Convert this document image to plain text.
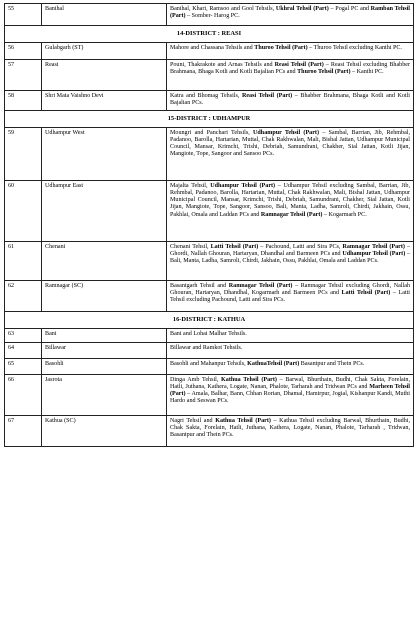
55	Banihal	Banihal, Khari, Ramsoo and Gool Tehsils, Ukhral Tehsil (Part) – Pogal PC and Ramban Tehsil (Part) – Somber- Harog PC.
14-DISTRICT : REASI		
56	Gulabgarh (ST)	Mahore and Chassana Tehsils and Thuroo Tehsil (Part) – Thuroo Tehsil excluding Kanthi PC.
57	Reasi	Pouni, Thakrakote and Arnas Tehsils and Reasi Tehsil (Part) – Reasi Tehsil excluding Bhabber Brahmana, Bhaga Kotli and Kotli Bajalian PCs and Thuroo Tehsil (Part) – Kanthi PC.
58	Shri Mata Vaishno Devi	Katra and Bhomag Tehsils, Reasi Tehsil (Part) – Bhabber Brahmana, Bhaga Kotli and Kotli Bajalian PCs.
15-DISTRICT : UDHAMPUR		
59	Udhampur West	Moungri and Panchari Tehsils, Udhampur Tehsil (Part) – Sambal, Barrian, Jib, Rehmbal, Padanoo, Barolla, Hartarian, Muttal, Chak Rakhwalan, Mali, Bishal Jattan, Udhampur Municipal Council, Mansar, Krimchi, Trishi, Debriah, Samundrani, Chakher, Sial Jattan, Kotli Jijan, Mangiote, Tope, Sangoor and Sansoo PCs.
60	Udhampur East	Majalta Tehsil, Udhampur Tehsil (Part) – Udhampur Tehsil excluding Sambal, Barrian, Jib, Rehmbal, Padanoo, Barolla, Hartarian, Muttal, Chak Rakhwalan, Mali, Bishal Jattan, Udhampur Municipal Council, Mansar, Krimchi, Trishi, Debriah, Samundrani, Chakher, Sial Jattan, Kotli Jijan, Mangiote, Tope, Sangoor, Sansoo, Bali, Manta, Ladha, Samroli, Chirdi, Jakhain, Ossu, Pakhlai, Omala and Laddan PCs and Ramnagar Tehsil (Part) – Kogarmarh PC.
61	Chenani	Chenani Tehsil, Latti Tehsil (Part) – Pachound, Latti and Sira PCs, Ramnagar Tehsil (Part) – Ghordi, Nallah Ghouran, Hartaryan, Dhandhal and Barmeen PCs and Udhampur Tehsil (Part) – Bali, Manta, Ladha, Samroli, Chirdi, Jakhain, Ossu, Pakhlai, Omala and Laddan PCs.
62	Ramnagar (SC)	Basantgarh Tehsil and Ramnagar Tehsil (Part) – Ramnagar Tehsil excluding Ghordi, Nallah Ghouran, Hartaryan, Dhandhal, Kogarmarh and Barmeen PCs and Latti Tehsil (Part) – Latti Tehsil excluding Pachound, Latti and Sira PCs.
16-DISTRICT : KATHUA		
63	Bani	Bani and Lohai Malhar Tehsils.
64	Billawar	Billawar and Ramkot Tehsils.
65	Basohli	Basohli and Mahanpur Tehsils, KathuaTehsil (Part) Basantpur and Thein PCs.
66	Jasrota	Dinga Amb Tehsil, Kathua Tehsil (Part) – Barwal, Bhurthain, Budhi, Chak Sakta, Forelain, Hatli, Juthana, Kathera, Logate, Nanan, Phalote, Tarharah and Tridwan PCs and Marheen Tehsil (Part) – Amala, Balhar, Bann, Chhan Rorian, Dhamal, Hamirpur, Jogial, Kishanpur Kandi, Muthi Hardo and Seswan PCs.
67	Kathua (SC)	Nagri Tehsil and Kathua Tehsil (Part) – Kathua Tehsil excluding Barwal, Bhurthain, Budhi, Chak Sakta, Forelain, Hatli, Juthana, Kathera, Logate, Nanan, Phalote, Tarharah , Tridwan, Basantpur and Thein PCs.
